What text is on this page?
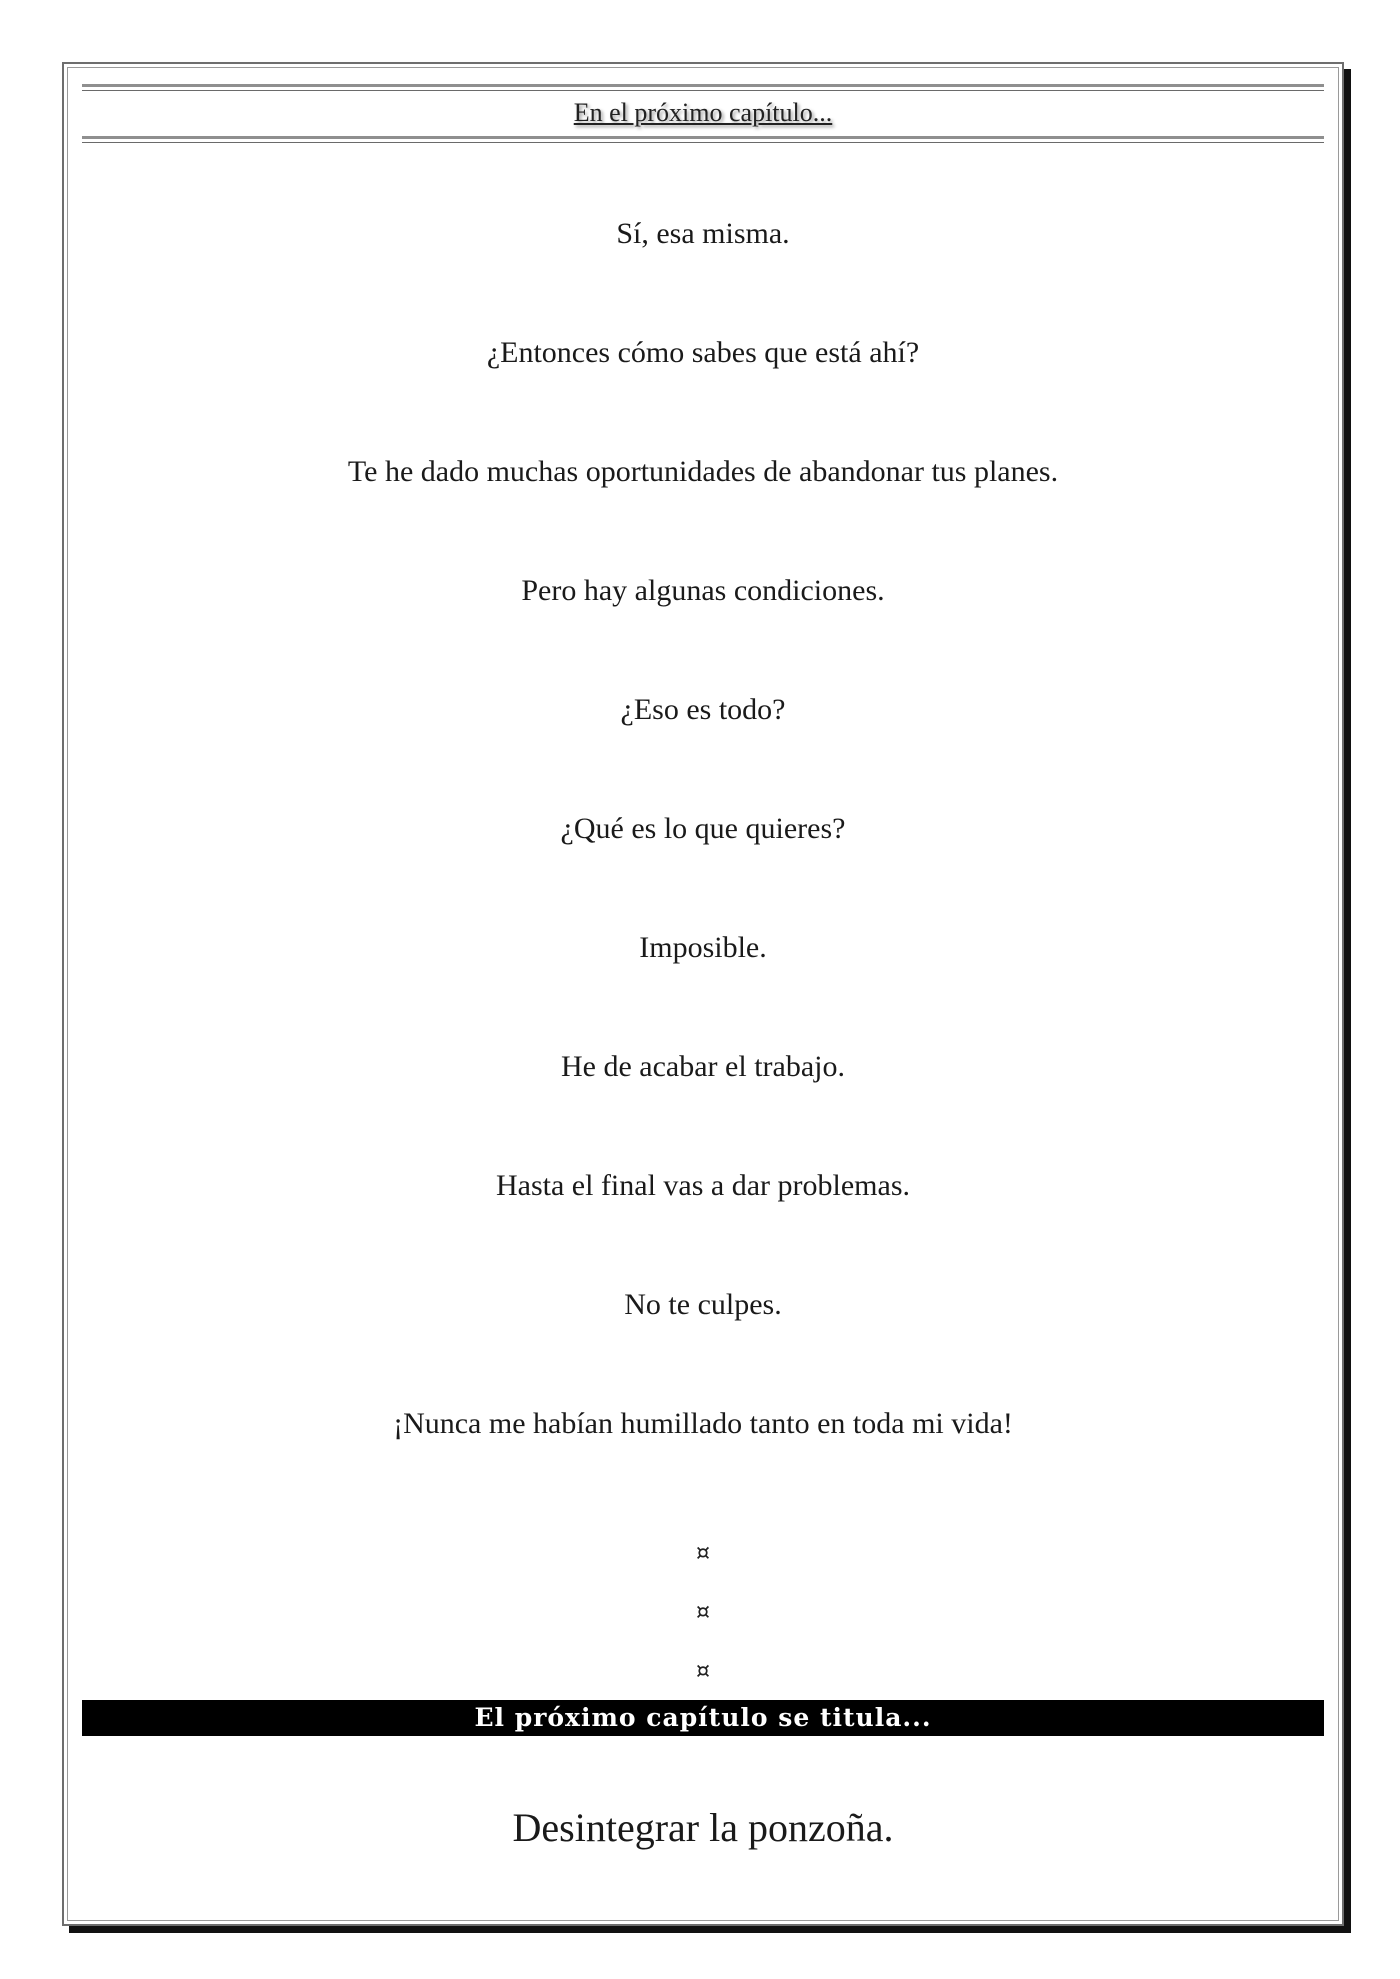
En el próximo capítulo...
Sí, esa misma.
¿Entonces cómo sabes que está ahí?
Te he dado muchas oportunidades de abandonar tus planes.
Pero hay algunas condiciones.
¿Eso es todo?
¿Qué es lo que quieres?
Imposible.
He de acabar el trabajo.
Hasta el final vas a dar problemas.
No te culpes.
¡Nunca me habían humillado tanto en toda mi vida!
¤
¤
¤
El próximo capítulo se titula...
Desintegrar la ponzoña.
